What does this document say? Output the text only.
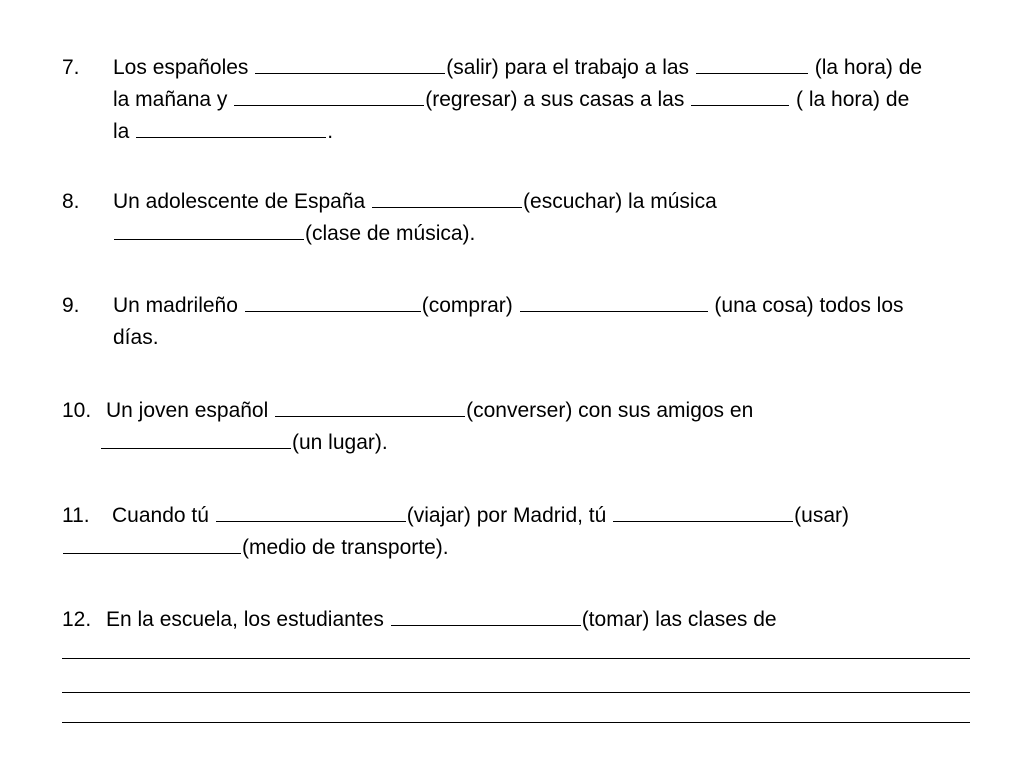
7. Los españoles	(salir) para el trabajo a las	(la hora) de
la mañana y	(regresar) a sus casas a las	( la hora) de
la	.
8. Un adolescente de España	(escuchar) la música
(clase de música).
9. Un madrileño	(comprar)	(una cosa) todos los
días.
10. Un joven español	(converser) con sus amigos en
(un lugar).
11. Cuando tú	(viajar) por Madrid, tú	(usar)
(medio de transporte).
12. En la escuela, los estudiantes	(tomar) las clases de
